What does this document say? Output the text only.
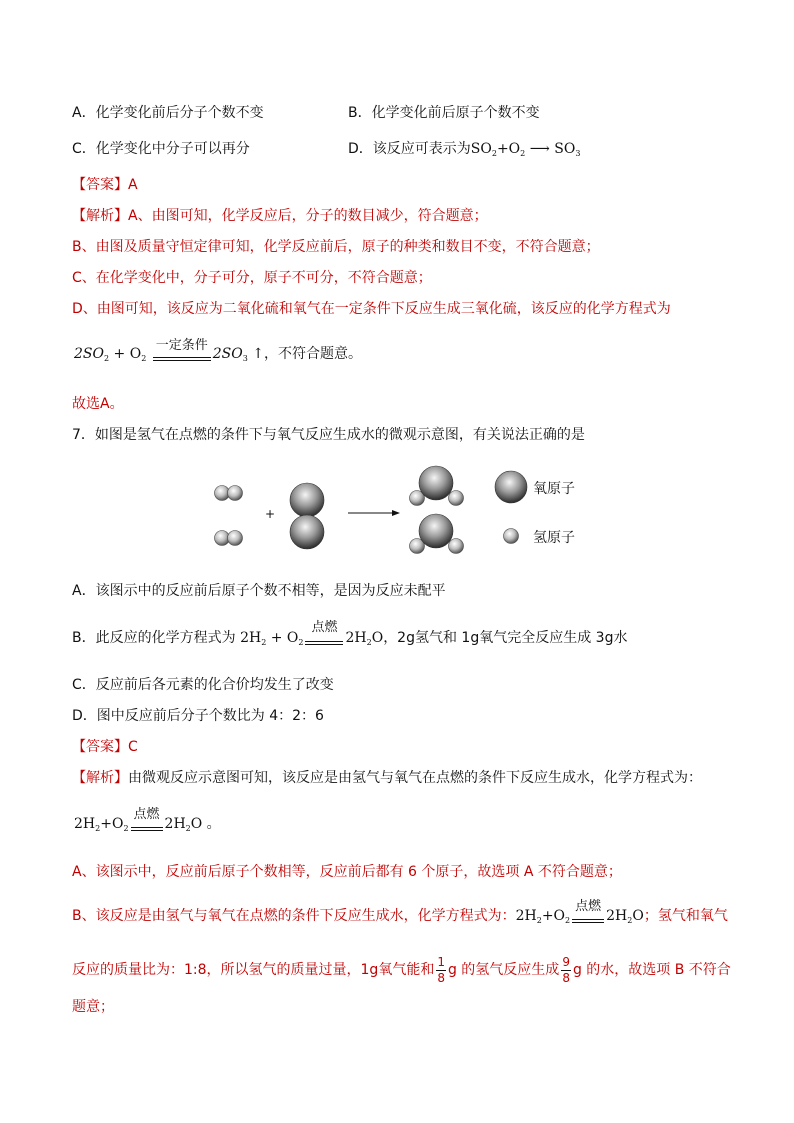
A．化学变化前后分子个数不变	B．化学变化前后原子个数不变
C．化学变化中分子可以再分	D．该反应可表示为$SO_2+O_2$ ⟶ $SO_3$
【答案】A
【解析】A、由图可知，化学反应后，分子的数目减少，符合题意；
B、由图及质量守恒定律可知，化学反应前后，原子的种类和数目不变，不符合题意；
C、在化学变化中，分子可分，原子不可分，不符合题意；
D、由图可知，该反应为二氧化硫和氧气在一定条件下反应生成三氧化硫，该反应的化学方程式为
$2SO_2 + O_2$
一定条件
$2SO_3$ ↑，不符合题意。
故选A。
7．如图是氢气在点燃的条件下与氧气反应生成水的微观示意图，有关说法正确的是
+
氧原子
氢原子
A．该图示中的反应前后原子个数不相等，是因为反应未配平
B．此反应的化学方程式为 $2H_2 + O_2$
点燃
$2H_2O$，2g氢气和 1g氧气完全反应生成 3g水
C．反应前后各元素的化合价均发生了改变
D．图中反应前后分子个数比为 4：2：6
【答案】C
【解析】由微观反应示意图可知，该反应是由氢气与氧气在点燃的条件下反应生成水，化学方程式为：
$2H_2+O_2$
点燃
$2H_2O$ 。
A、该图示中，反应前后原子个数相等，反应前后都有 6 个原子，故选项 A 不符合题意；
B、该反应是由氢气与氧气在点燃的条件下反应生成水，化学方程式为：$2H_2+O_2$
点燃
$2H_2O$；氢气和氧气
反应的质量比为：1:8，所以氢气的质量过量，1g氧气能和 $\frac{1}{8}$ g 的氢气反应生成 $\frac{9}{8}$ g 的水，故选项 B 不符合
题意；
